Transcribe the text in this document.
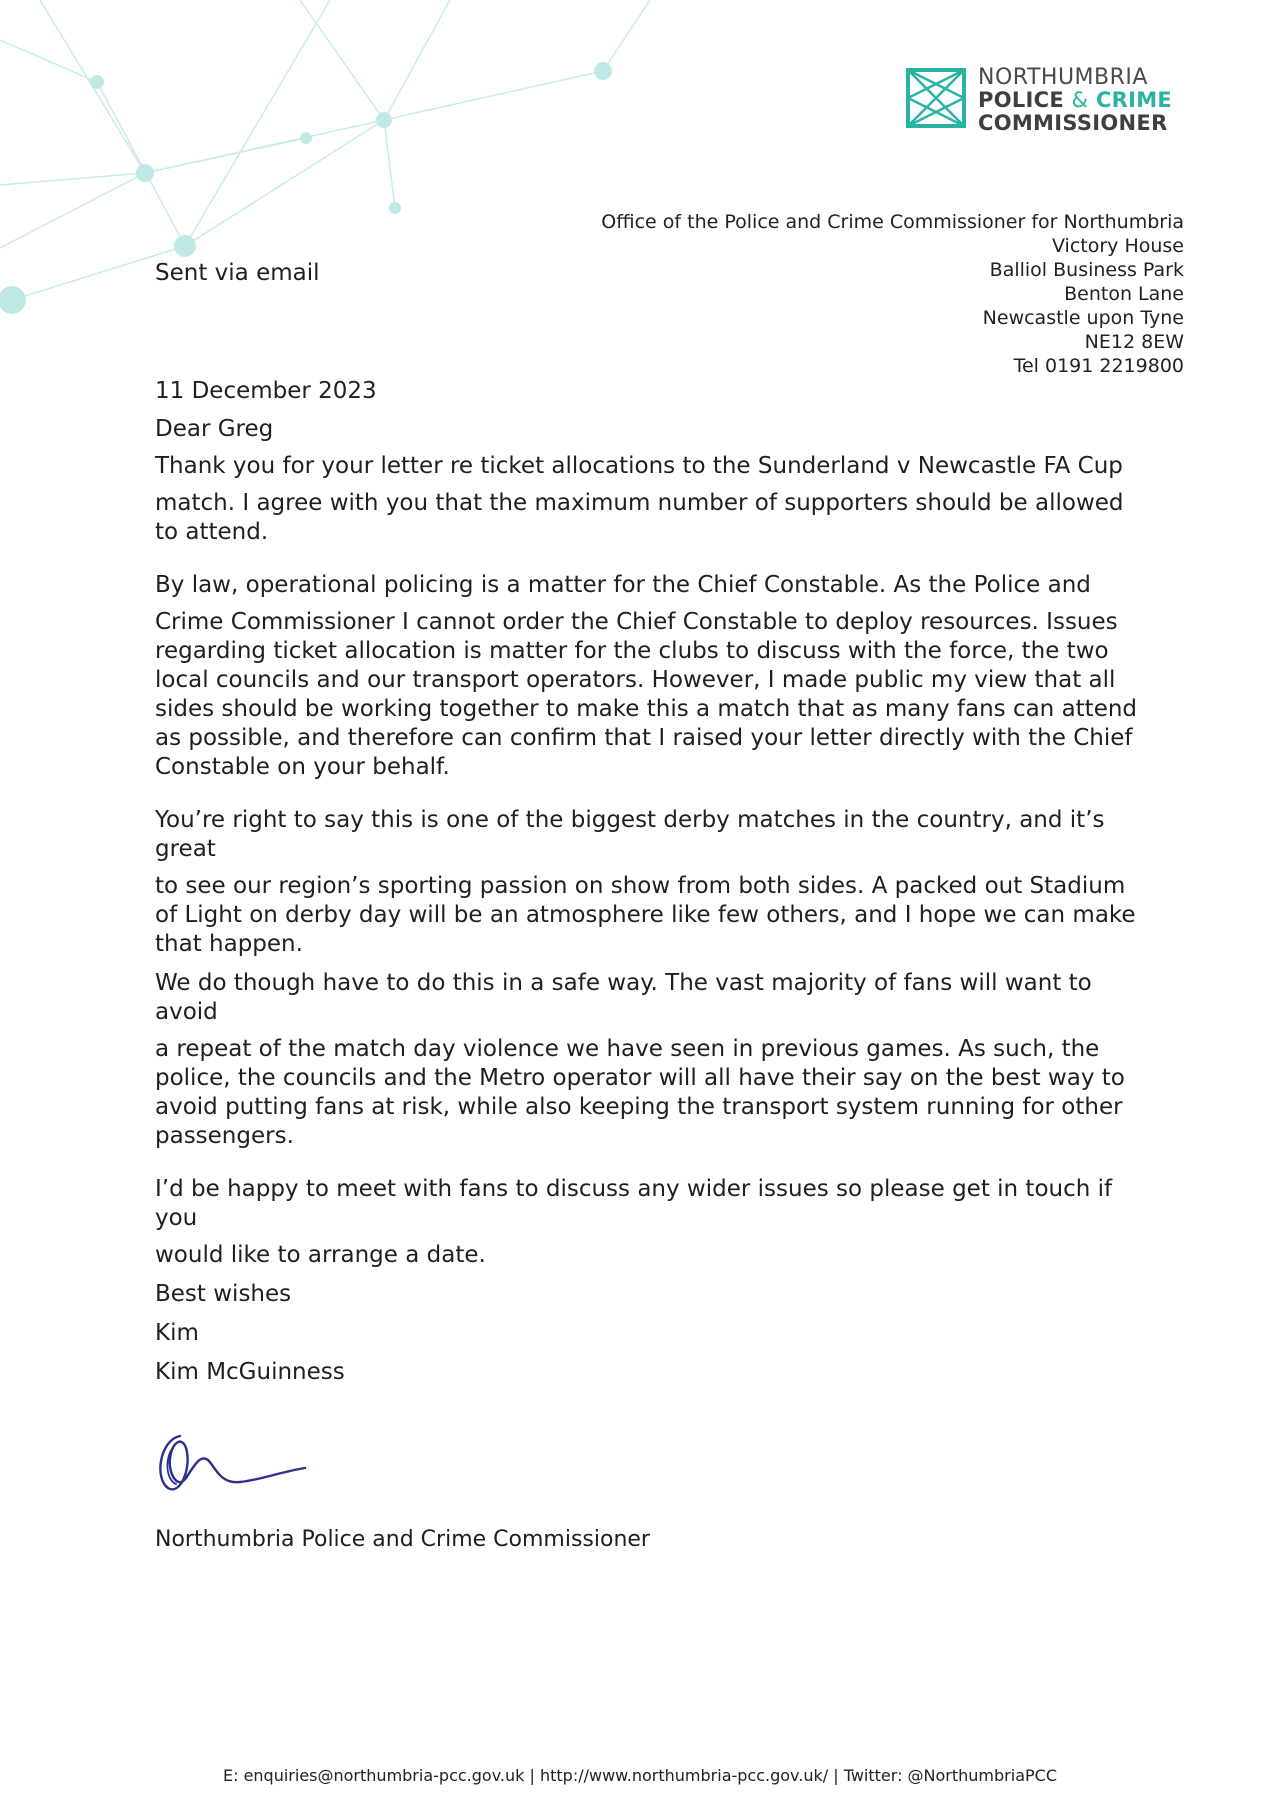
NORTHUMBRIA
POLICE & CRIME
COMMISSIONER
Office of the Police and Crime Commissioner for Northumbria
Victory House
Balliol Business Park
Benton Lane
Newcastle upon Tyne
NE12 8EW
Tel 0191 2219800
Sent via email
11 December 2023
Dear Greg

Thank you for your letter re ticket allocations to the Sunderland v Newcastle FA Cup
match. I agree with you that the maximum number of supporters should be allowed to attend.

By law, operational policing is a matter for the Chief Constable. As the Police and
Crime Commissioner I cannot order the Chief Constable to deploy resources. Issues regarding ticket allocation is matter for the clubs to discuss with the force, the two local councils and our transport operators. However, I made public my view that all sides should be working together to make this a match that as many fans can attend as possible, and therefore can confirm that I raised your letter directly with the Chief Constable on your behalf.

You’re right to say this is one of the biggest derby matches in the country, and it’s great
to see our region’s sporting passion on show from both sides. A packed out Stadium of Light on derby day will be an atmosphere like few others, and I hope we can make that happen.

We do though have to do this in a safe way. The vast majority of fans will want to avoid
a repeat of the match day violence we have seen in previous games. As such, the police, the councils and the Metro operator will all have their say on the best way to avoid putting fans at risk, while also keeping the transport system running for other passengers.

I’d be happy to meet with fans to discuss any wider issues so please get in touch if you
would like to arrange a date.

Best wishes
Kim
Kim McGuinness
Northumbria Police and Crime Commissioner
E: enquiries@northumbria-pcc.gov.uk | http://www.northumbria-pcc.gov.uk/ | Twitter: @NorthumbriaPCC
